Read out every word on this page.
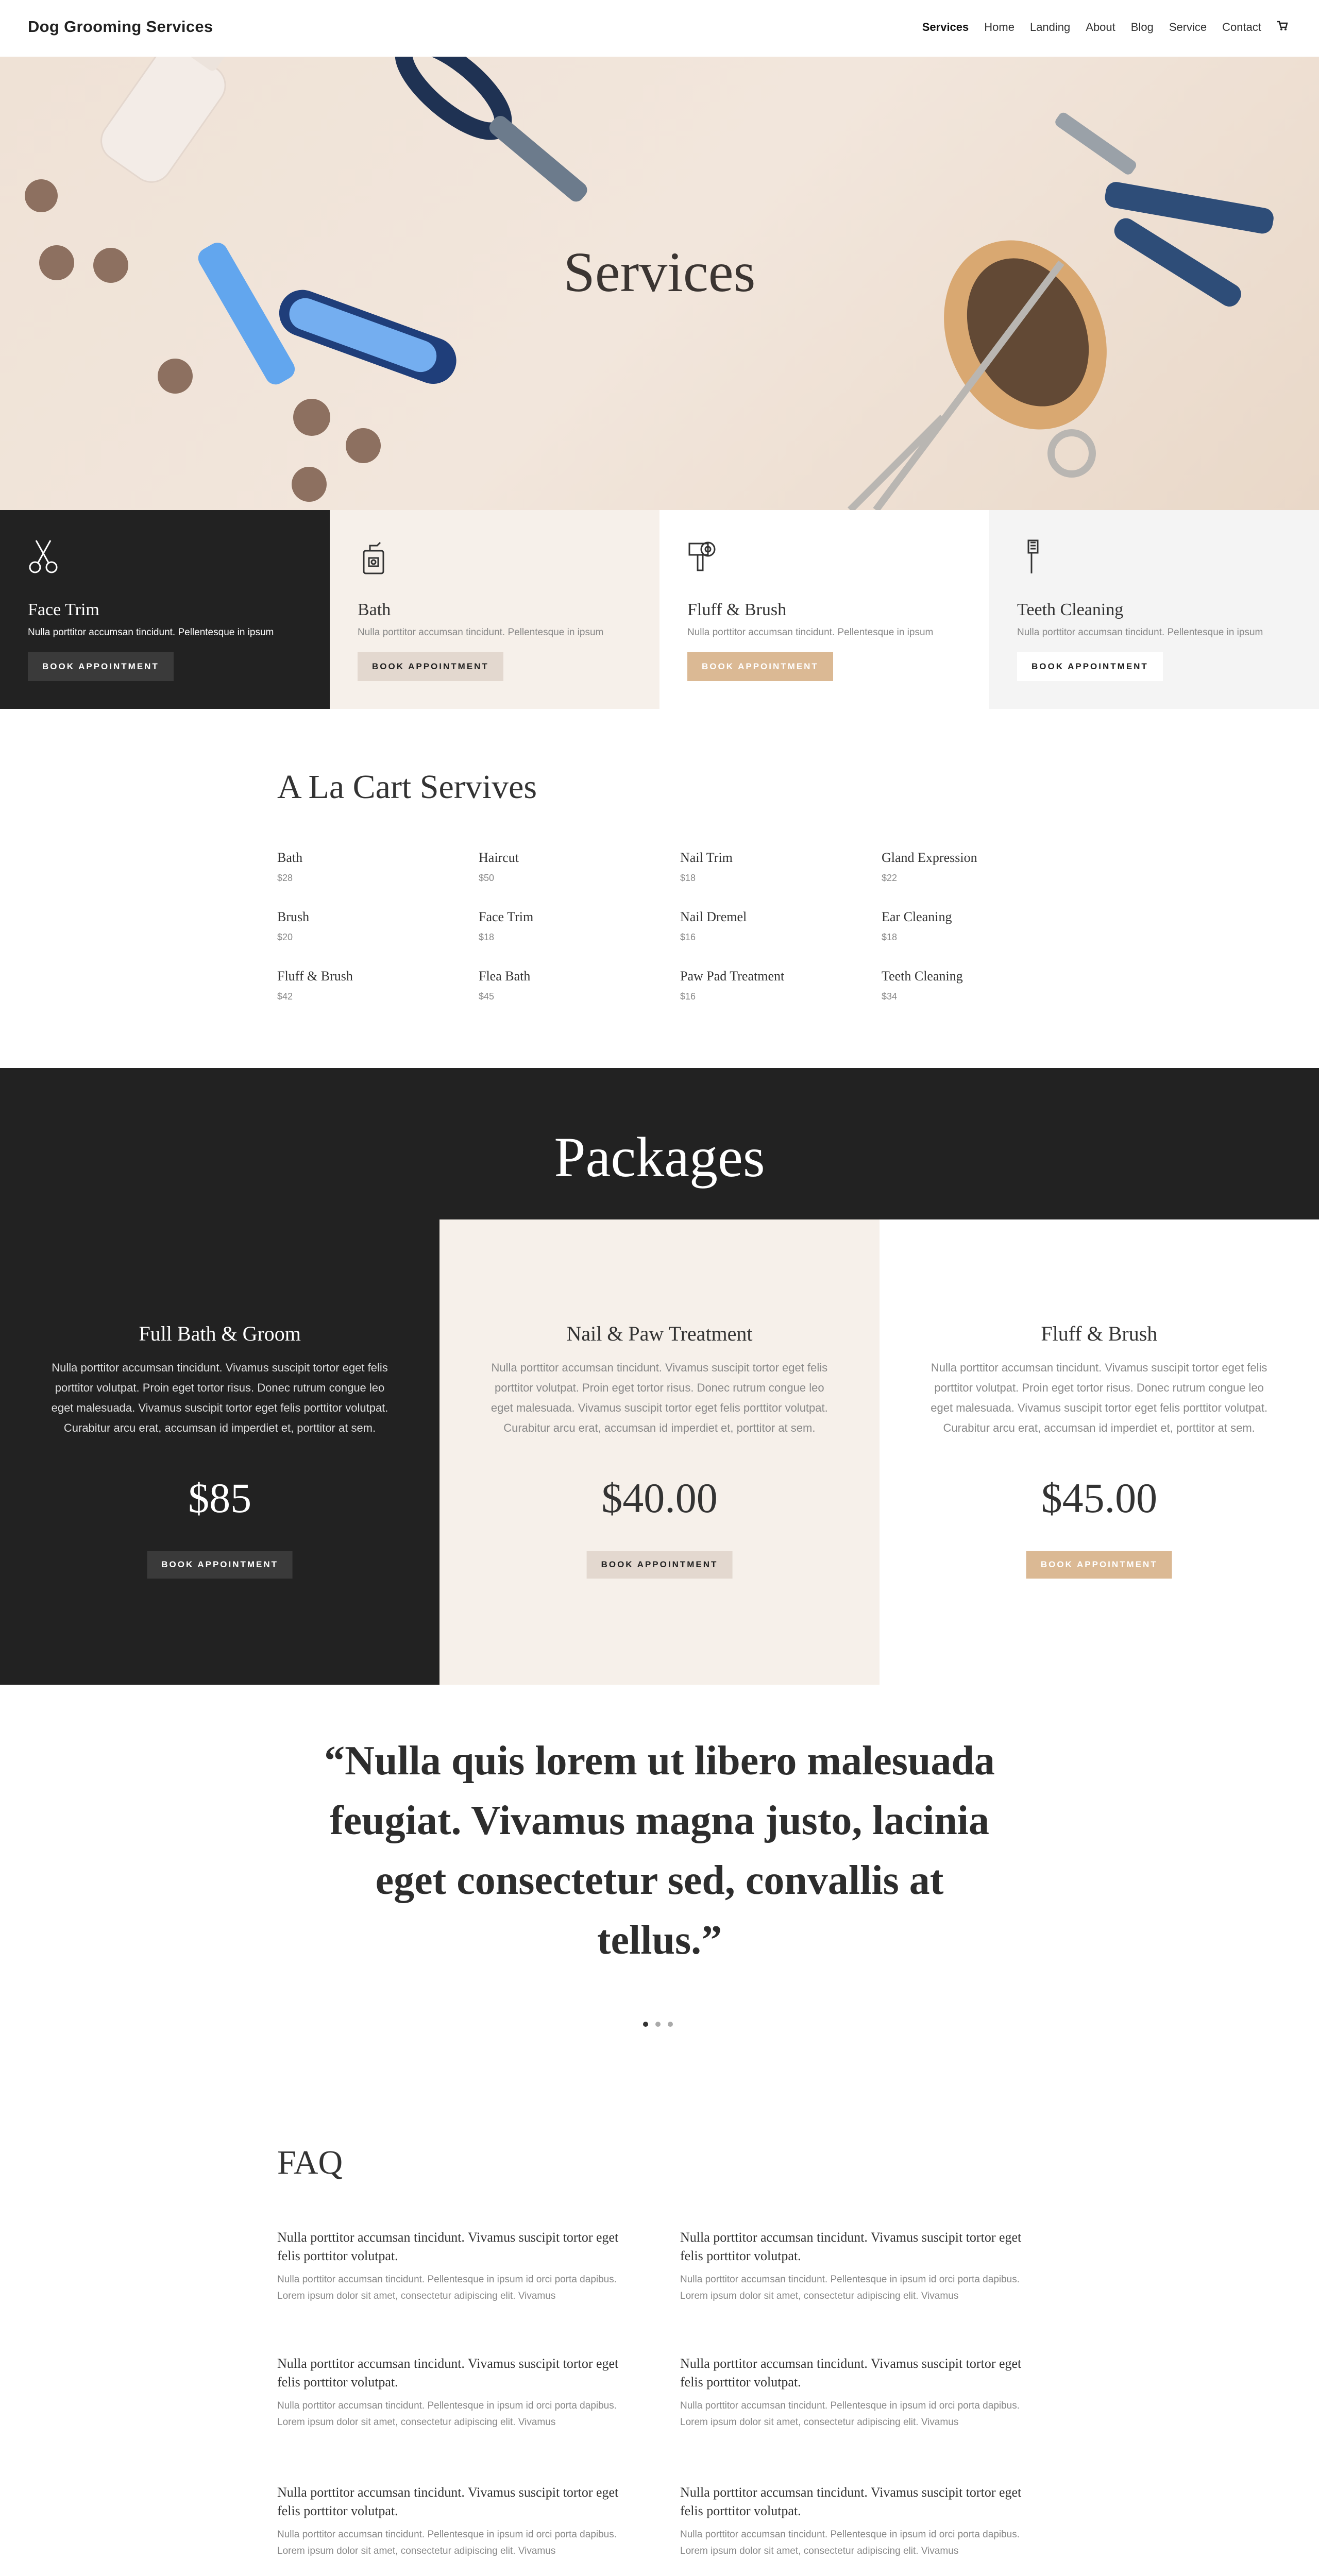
Dog Grooming Services	Services Home Landing About Blog Service Contact
Services
Face Trim

Nulla porttitor accumsan tincidunt. Pellentesque in ipsum

BOOK APPOINTMENT
Bath

Nulla porttitor accumsan tincidunt. Pellentesque in ipsum

BOOK APPOINTMENT
Fluff & Brush

Nulla porttitor accumsan tincidunt. Pellentesque in ipsum

BOOK APPOINTMENT
Teeth Cleaning

Nulla porttitor accumsan tincidunt. Pellentesque in ipsum

BOOK APPOINTMENT
A La Cart Servives
Bath
$28
Haircut
$50
Nail Trim
$18
Gland Expression
$22
Brush
$20
Face Trim
$18
Nail Dremel
$16
Ear Cleaning
$18
Fluff & Brush
$42
Flea Bath
$45
Paw Pad Treatment
$16
Teeth Cleaning
$34
Packages
Full Bath & Groom

Nulla porttitor accumsan tincidunt. Vivamus suscipit tortor eget felis porttitor volutpat. Proin eget tortor risus. Donec rutrum congue leo eget malesuada. Vivamus suscipit tortor eget felis porttitor volutpat. Curabitur arcu erat, accumsan id imperdiet et, porttitor at sem.

$85
BOOK APPOINTMENT
Nail & Paw Treatment

Nulla porttitor accumsan tincidunt. Vivamus suscipit tortor eget felis porttitor volutpat. Proin eget tortor risus. Donec rutrum congue leo eget malesuada. Vivamus suscipit tortor eget felis porttitor volutpat. Curabitur arcu erat, accumsan id imperdiet et, porttitor at sem.

$40.00
BOOK APPOINTMENT
Fluff & Brush

Nulla porttitor accumsan tincidunt. Vivamus suscipit tortor eget felis porttitor volutpat. Proin eget tortor risus. Donec rutrum congue leo eget malesuada. Vivamus suscipit tortor eget felis porttitor volutpat. Curabitur arcu erat, accumsan id imperdiet et, porttitor at sem.

$45.00
BOOK APPOINTMENT
“Nulla quis lorem ut libero malesuada feugiat. Vivamus magna justo, lacinia eget consectetur sed, convallis at tellus.”
FAQ
Nulla porttitor accumsan tincidunt. Vivamus suscipit tortor eget felis porttitor volutpat.
Nulla porttitor accumsan tincidunt. Pellentesque in ipsum id orci porta dapibus. Lorem ipsum dolor sit amet, consectetur adipiscing elit. Vivamus
Nulla porttitor accumsan tincidunt. Vivamus suscipit tortor eget felis porttitor volutpat.
Nulla porttitor accumsan tincidunt. Pellentesque in ipsum id orci porta dapibus. Lorem ipsum dolor sit amet, consectetur adipiscing elit. Vivamus
Nulla porttitor accumsan tincidunt. Vivamus suscipit tortor eget felis porttitor volutpat.
Nulla porttitor accumsan tincidunt. Pellentesque in ipsum id orci porta dapibus. Lorem ipsum dolor sit amet, consectetur adipiscing elit. Vivamus
Nulla porttitor accumsan tincidunt. Vivamus suscipit tortor eget felis porttitor volutpat.
Nulla porttitor accumsan tincidunt. Pellentesque in ipsum id orci porta dapibus. Lorem ipsum dolor sit amet, consectetur adipiscing elit. Vivamus
Nulla porttitor accumsan tincidunt. Vivamus suscipit tortor eget felis porttitor volutpat.
Nulla porttitor accumsan tincidunt. Pellentesque in ipsum id orci porta dapibus. Lorem ipsum dolor sit amet, consectetur adipiscing elit. Vivamus
Nulla porttitor accumsan tincidunt. Vivamus suscipit tortor eget felis porttitor volutpat.
Nulla porttitor accumsan tincidunt. Pellentesque in ipsum id orci porta dapibus. Lorem ipsum dolor sit amet, consectetur adipiscing elit. Vivamus
